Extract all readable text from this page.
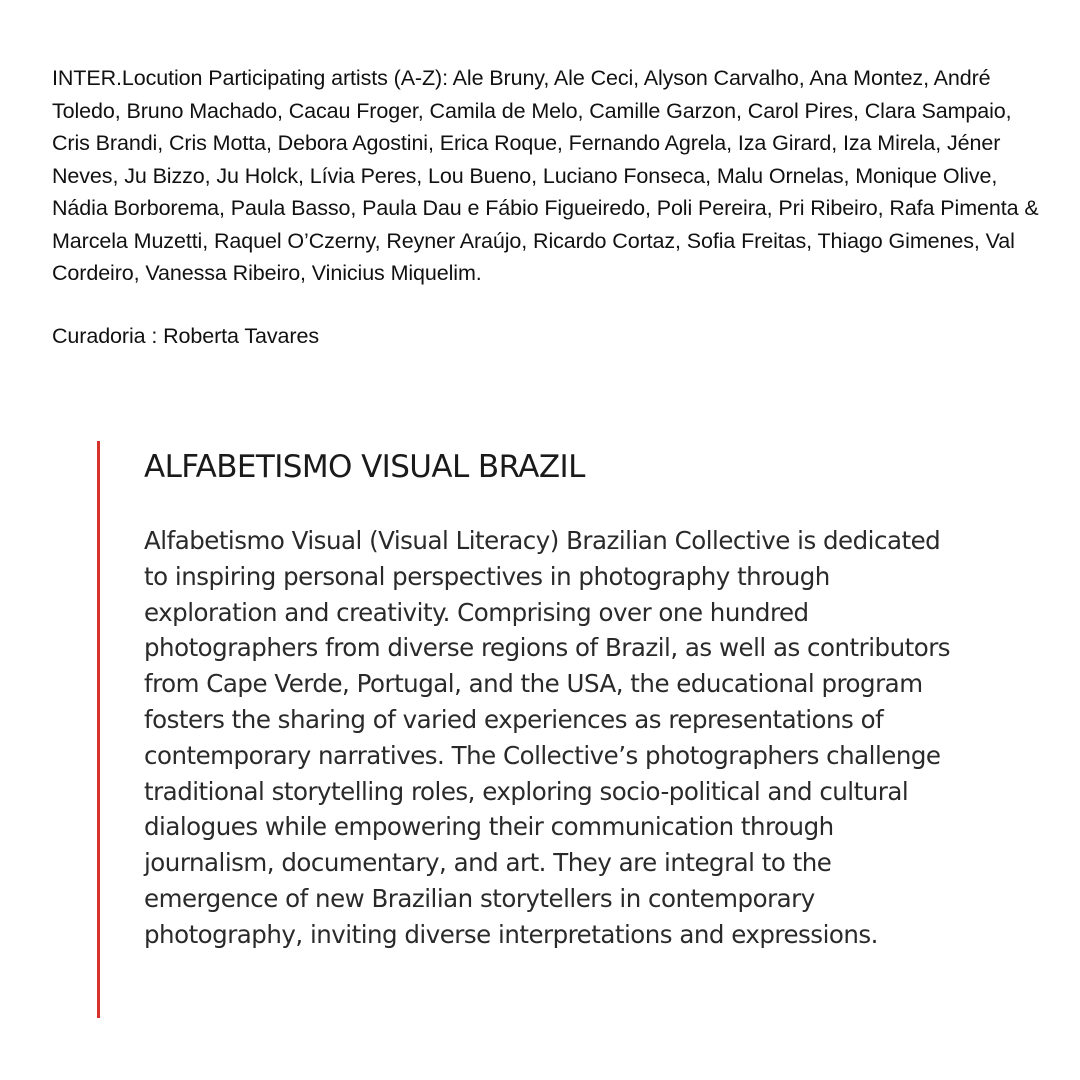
INTER.Locution Participating artists (A-Z): Ale Bruny, Ale Ceci, Alyson Carvalho, Ana Montez, André Toledo, Bruno Machado, Cacau Froger, Camila de Melo, Camille Garzon, Carol Pires, Clara Sampaio, Cris Brandi, Cris Motta, Debora Agostini, Erica Roque, Fernando Agrela, Iza Girard, Iza Mirela, Jéner Neves, Ju Bizzo, Ju Holck, Lívia Peres, Lou Bueno, Luciano Fonseca, Malu Ornelas, Monique Olive, Nádia Borborema, Paula Basso, Paula Dau e Fábio Figueiredo, Poli Pereira, Pri Ribeiro, Rafa Pimenta & Marcela Muzetti, Raquel O’Czerny, Reyner Araújo, Ricardo Cortaz, Sofia Freitas, Thiago Gimenes, Val Cordeiro, Vanessa Ribeiro, Vinicius Miquelim.

Curadoria : Roberta Tavares

ALFABETISMO VISUAL BRAZIL

Alfabetismo Visual (Visual Literacy) Brazilian Collective is dedicated to inspiring personal perspectives in photography through exploration and creativity. Comprising over one hundred photographers from diverse regions of Brazil, as well as contributors from Cape Verde, Portugal, and the USA, the educational program fosters the sharing of varied experiences as representations of contemporary narratives. The Collective’s photographers challenge traditional storytelling roles, exploring socio-political and cultural dialogues while empowering their communication through journalism, documentary, and art. They are integral to the emergence of new Brazilian storytellers in contemporary photography, inviting diverse interpretations and expressions.
